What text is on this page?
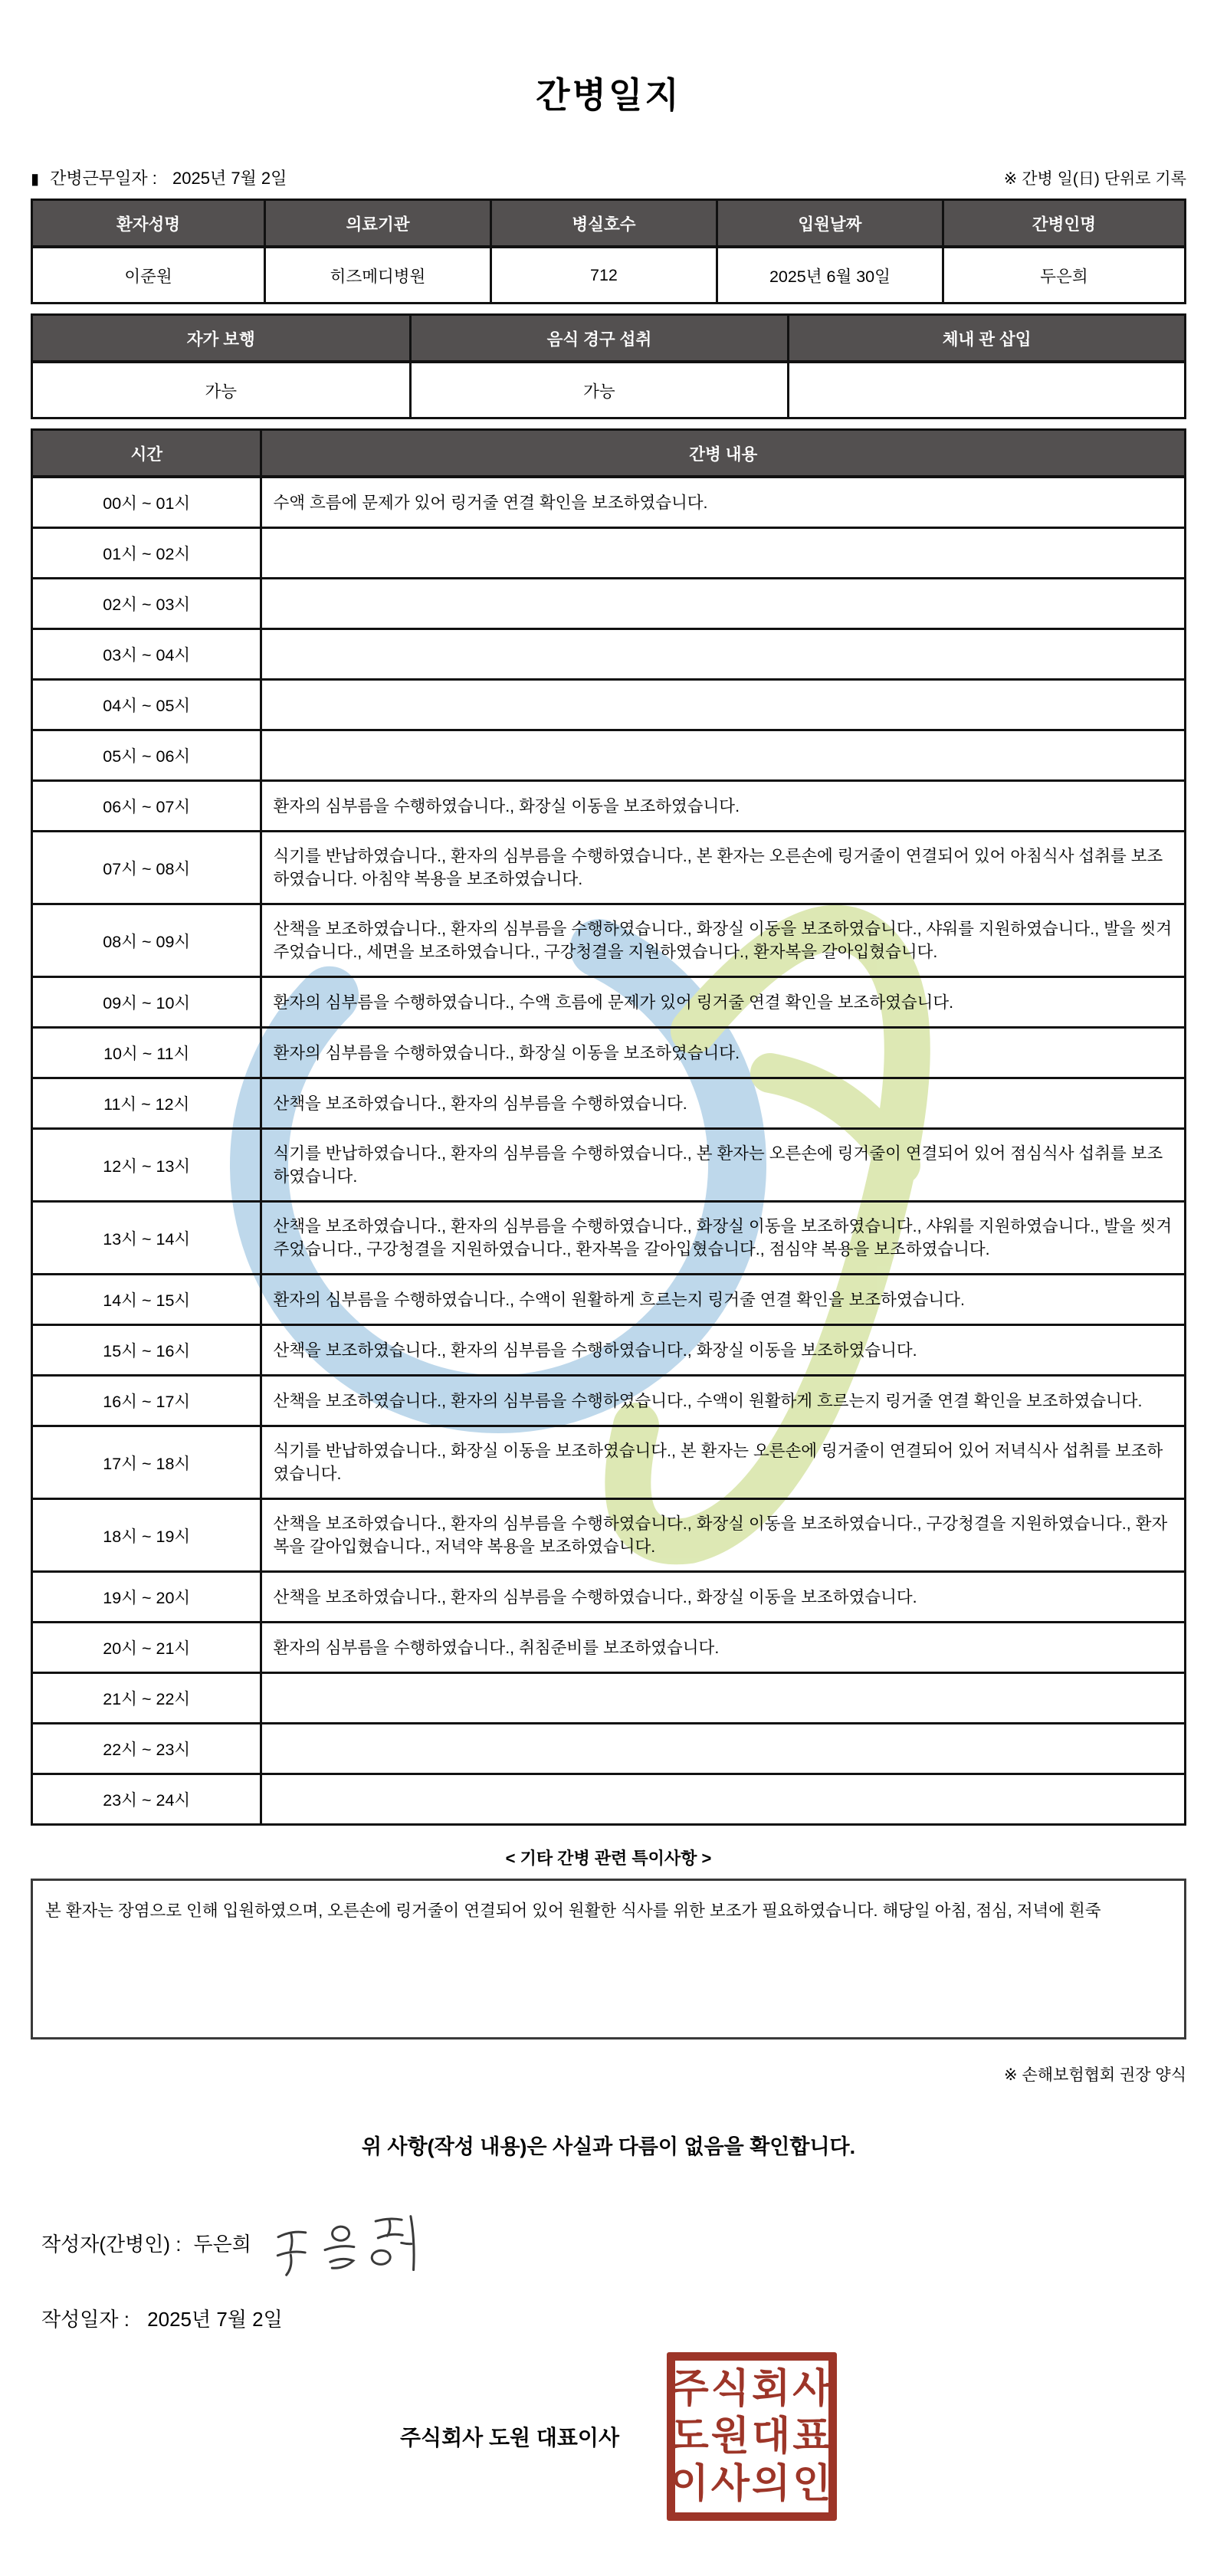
간병일지
▮ 간병근무일자 : 2025년 7월 2일	※ 간병 일(日) 단위로 기록
환자성명	의료기관	병실호수	입원날짜	간병인명
이준원	히즈메디병원	712	2025년 6월 30일	두은희
자가 보행	음식 경구 섭취	체내 관 삽입
가능	가능	
시간	간병 내용
00시 ~ 01시	수액 흐름에 문제가 있어 링거줄 연결 확인을 보조하였습니다.
01시 ~ 02시	
02시 ~ 03시	
03시 ~ 04시	
04시 ~ 05시	
05시 ~ 06시	
06시 ~ 07시	환자의 심부름을 수행하였습니다., 화장실 이동을 보조하였습니다.
07시 ~ 08시	식기를 반납하였습니다., 환자의 심부름을 수행하였습니다., 본 환자는 오른손에 링거줄이 연결되어 있어 아침식사 섭취를 보조하였습니다. 아침약 복용을 보조하였습니다.
08시 ~ 09시	산책을 보조하였습니다., 환자의 심부름을 수행하였습니다., 화장실 이동을 보조하였습니다., 샤워를 지원하였습니다., 발을 씻겨주었습니다., 세면을 보조하였습니다., 구강청결을 지원하였습니다., 환자복을 갈아입혔습니다.
09시 ~ 10시	환자의 심부름을 수행하였습니다., 수액 흐름에 문제가 있어 링거줄 연결 확인을 보조하였습니다.
10시 ~ 11시	환자의 심부름을 수행하였습니다., 화장실 이동을 보조하였습니다.
11시 ~ 12시	산책을 보조하였습니다., 환자의 심부름을 수행하였습니다.
12시 ~ 13시	식기를 반납하였습니다., 환자의 심부름을 수행하였습니다., 본 환자는 오른손에 링거줄이 연결되어 있어 점심식사 섭취를 보조하였습니다.
13시 ~ 14시	산책을 보조하였습니다., 환자의 심부름을 수행하였습니다., 화장실 이동을 보조하였습니다., 샤워를 지원하였습니다., 발을 씻겨주었습니다., 구강청결을 지원하였습니다., 환자복을 갈아입혔습니다., 점심약 복용을 보조하였습니다.
14시 ~ 15시	환자의 심부름을 수행하였습니다., 수액이 원활하게 흐르는지 링거줄 연결 확인을 보조하였습니다.
15시 ~ 16시	산책을 보조하였습니다., 환자의 심부름을 수행하였습니다., 화장실 이동을 보조하였습니다.
16시 ~ 17시	산책을 보조하였습니다., 환자의 심부름을 수행하였습니다., 수액이 원활하게 흐르는지 링거줄 연결 확인을 보조하였습니다.
17시 ~ 18시	식기를 반납하였습니다., 화장실 이동을 보조하였습니다., 본 환자는 오른손에 링거줄이 연결되어 있어 저녁식사 섭취를 보조하였습니다.
18시 ~ 19시	산책을 보조하였습니다., 환자의 심부름을 수행하였습니다., 화장실 이동을 보조하였습니다., 구강청결을 지원하였습니다., 환자복을 갈아입혔습니다., 저녁약 복용을 보조하였습니다.
19시 ~ 20시	산책을 보조하였습니다., 환자의 심부름을 수행하였습니다., 화장실 이동을 보조하였습니다.
20시 ~ 21시	환자의 심부름을 수행하였습니다., 취침준비를 보조하였습니다.
21시 ~ 22시	
22시 ~ 23시	
23시 ~ 24시	
< 기타 간병 관련 특이사항 >
본 환자는 장염으로 인해 입원하였으며, 오른손에 링거줄이 연결되어 있어 원활한 식사를 위한 보조가 필요하였습니다. 해당일 아침, 점심, 저녁에 흰죽
※ 손해보험협회 권장 양식
위 사항(작성 내용)은 사실과 다름이 없음을 확인합니다.
작성자(간병인) : 두은희
작성일자 : 2025년 7월 2일
주식회사 도원 대표이사
주식회사
도원대표
이사의인
